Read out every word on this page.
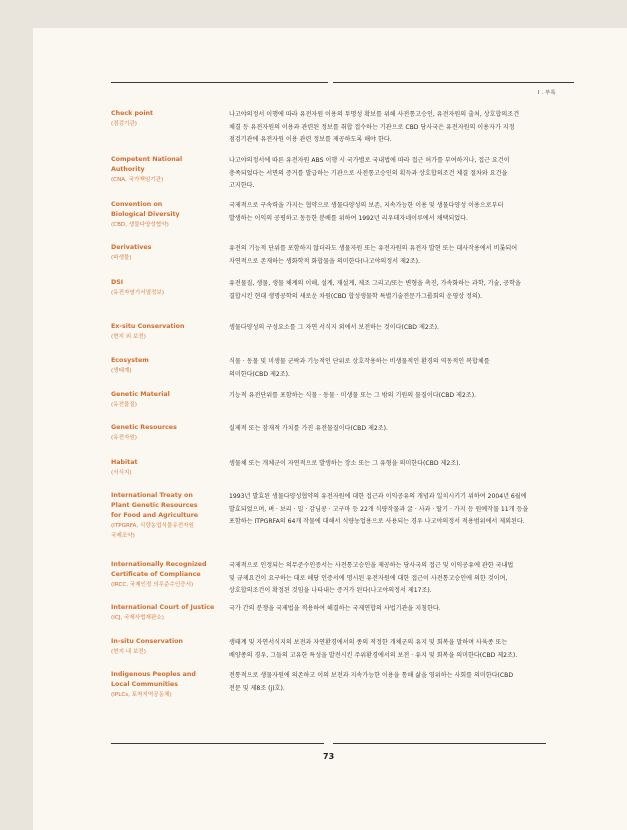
I . 부록
Check point
(점검기관)
나고야의정서 이행에 따라 유전자원 이용의 투명성 확보를 위해 사전통고승인, 유전자원의 출처, 상호합의조건
체결 등 유전자원의 이용과 관련된 정보를 취합 접수하는 기관으로 CBD 당사국은 유전자원의 이용자가 지정
점검기관에 유전자원 이용 관련 정보를 제공하도록 해야 한다.
Competent National
Authority
(CNA, 국가책임기관)
나고야의정서에 따른 유전자원 ABS 이행 시 국가별로 국내법에 따라 접근 허가를 부여하거나, 접근 요건이
충족되었다는 서면의 증거를 발급하는 기관으로 사전통고승인의 획득과 상호합의조건 체결 절차와 요건을
고지한다.
Convention on
Biological Diversity
(CBD, 생물다양성협약)
국제적으로 구속력을 가지는 협약으로 생물다양성의 보존, 지속가능한 이용 및 생물다양성 이용으로부터
발생하는 이익의 공평하고 동등한 분배를 위하여 1992년 리우데자네이루에서 채택되었다.
Derivatives
(파생물)
유전의 기능적 단위를 포함하지 않더라도 생물자원 또는 유전자원의 유전자 발현 또는 대사작용에서 비롯되어
자연적으로 존재하는 생화학적 화합물을 의미한다(나고야의정서 제2조).
DSI
(유전자염기서열정보)
유전물질, 생물, 생물 체계의 이해, 설계, 재설계, 제조 그리고/또는 변형을 촉진, 가속화하는 과학, 기술, 공학을
결합시킨 현대 생명공학의 새로운 차원(CBD 합성생물학 특별기술전문가그룹회의 운영상 정의).
Ex-situ Conservation
(현지 외 보전)
생물다양성의 구성요소를 그 자연 서식지 외에서 보전하는 것이다(CBD 제2조).
Ecosystem
(생태계)
식물 · 동물 및 미생물 군락과 기능적인 단위로 상호작용하는 비생물적인 환경의 역동적인 복합체를
의미한다(CBD 제2조).
Genetic Material
(유전물질)
기능적 유전단위를 포함하는 식물 · 동물 · 미생물 또는 그 밖의 기원의 물질이다(CBD 제2조).
Genetic Resources
(유전자원)
실제적 또는 잠재적 가치를 가진 유전물질이다(CBD 제2조).
Habitat
(서식지)
생물체 또는 개체군이 자연적으로 발생하는 장소 또는 그 유형을 의미한다(CBD 제2조).
International Treaty on
Plant Genetic Resources
for Food and Agriculture
(ITPGRFA, 식량농업식물유전자원
국제조약)
1993년 발효된 생물다양성협약의 유전자원에 대한 접근과 이익공유의 개념과 일치시키기 위하여 2004년 6월에
발효되었으며, 벼 · 보리 · 밀 · 감님콩 · 고구마 등 22개 식량작물과 굴 · 사과 · 딸기 · 가지 등 원예작물 11개 등을
포함하는 ITPGRFA의 64개 작물에 대해서 식량농업용으로 사용되는 경우 나고야의정서 적용범위에서 제외된다.
Internationally Recognized
Certificate of Compliance
(IRCC, 국제인정 의무준수인증서)
국제적으로 인정되는 의무준수인증서는 사전통고승인을 제공하는 당사국의 접근 및 이익공유에 관한 국내법
및 규제요건이 요구하는 대로 해당 인증서에 명시된 유전자원에 대한 접근이 사전통고승인에 의한 것이며,
상호합의조건이 확정된 것임을 나타내는 증거가 된다(나고야의정서 제17조).
International Court of Justice
(ICJ, 국제사법재판소)
국가 간의 분쟁을 국제법을 적용하여 해결하는 국제연합의 사법기관을 지칭한다.
In-situ Conservation
(현지 내 보전)
생태계 및 자연서식지의 보전과 자연환경에서의 종의 적정한 개체군의 유지 및 회복을 말하며 사육종 또는
배양종의 경우, 그들의 고유한 특성을 발전시킨 주위환경에서의 보전 · 유지 및 회복을 의미한다(CBD 제2조).
Indigenous Peoples and
Local Communities
(IPLCs, 토착지역공동체)
전통적으로 생물자원에 의존하고 이의 보전과 지속가능한 이용을 통해 삶을 영위하는 사회를 의미한다(CBD
전문 및 제8조 (j)호).
73
